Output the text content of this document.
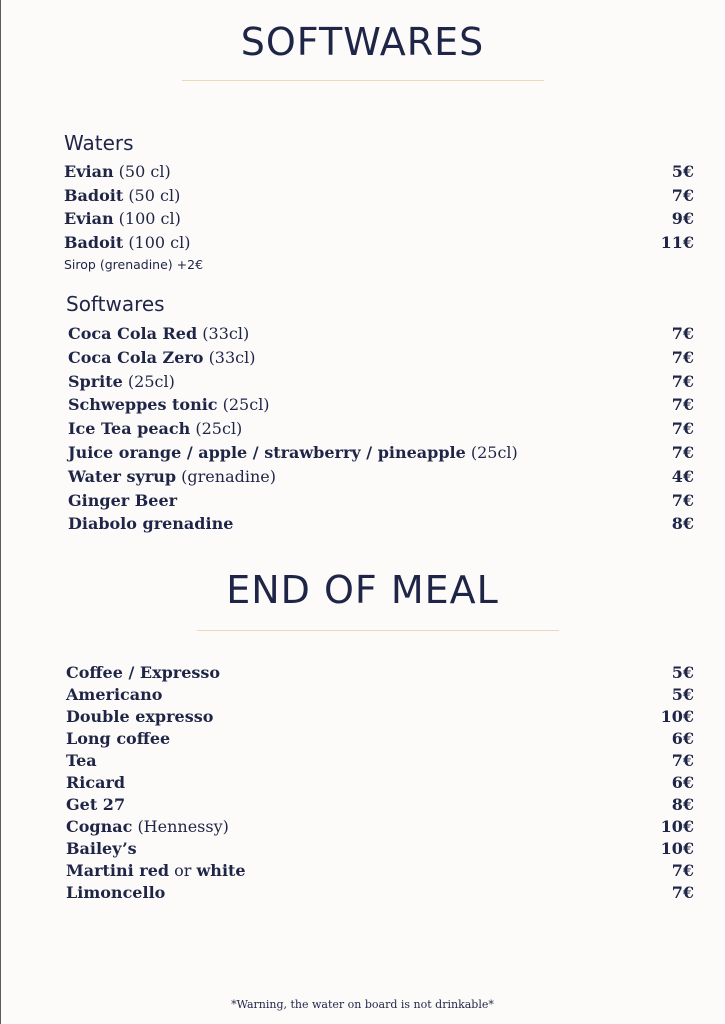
SOFTWARES
Waters
Evian (50 cl)	5€
Badoit (50 cl)	7€
Evian (100 cl)	9€
Badoit (100 cl)	11€
Sirop (grenadine) +2€
Softwares
Coca Cola Red (33cl)	7€
Coca Cola Zero (33cl)	7€
Sprite (25cl)	7€
Schweppes tonic (25cl)	7€
Ice Tea peach (25cl)	7€
Juice orange / apple / strawberry / pineapple (25cl)	7€
Water syrup (grenadine)	4€
Ginger Beer	7€
Diabolo grenadine	8€
END OF MEAL
Coffee / Expresso	5€
Americano	5€
Double expresso	10€
Long coffee	6€
Tea	7€
Ricard	6€
Get 27	8€
Cognac (Hennessy)	10€
Bailey’s	10€
Martini red or white	7€
Limoncello	7€
*Warning, the water on board is not drinkable*
